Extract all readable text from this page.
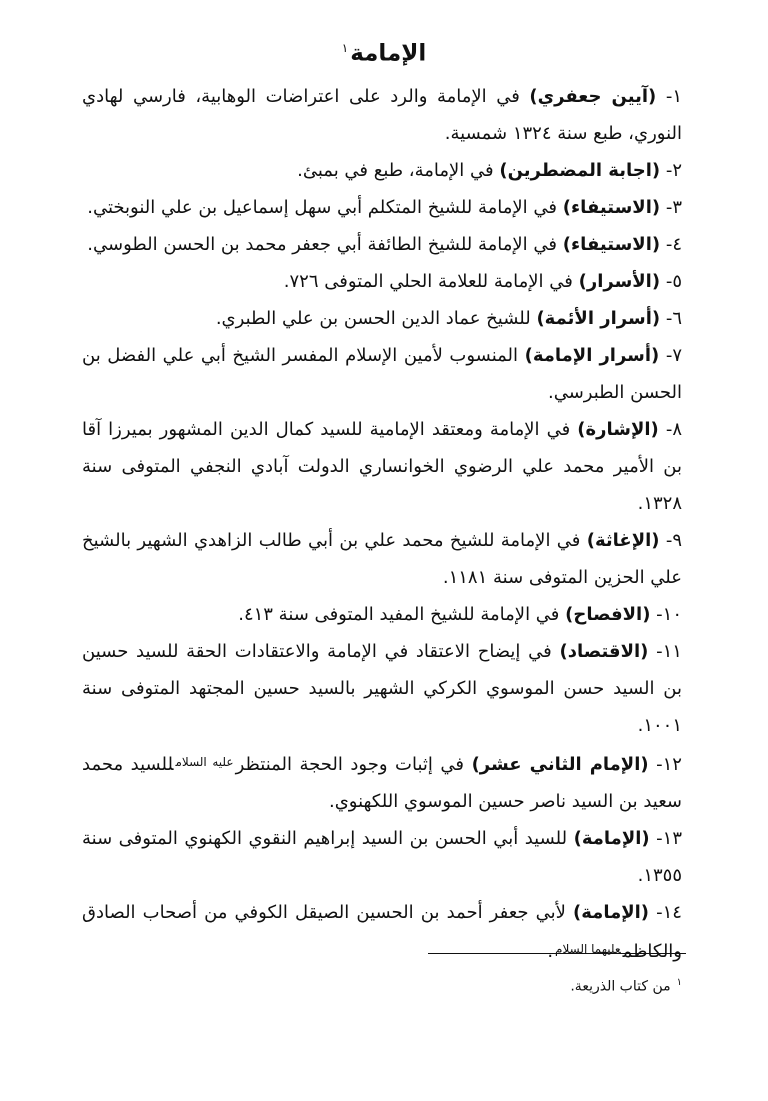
الإمامة$^١$
١- (آيين جعفري) في الإمامة والرد على اعتراضات الوهابية، فارسي لهادي النوري، طبع سنة ١٣٢٤ شمسية.
٢- (اجابة المضطرين) في الإمامة، طبع في بمبئ.
٣- (الاستيفاء) في الإمامة للشيخ المتكلم أبي سهل إسماعيل بن علي النوبختي.
٤- (الاستيفاء) في الإمامة للشيخ الطائفة أبي جعفر محمد بن الحسن الطوسي.
٥- (الأسرار) في الإمامة للعلامة الحلي المتوفى ٧٢٦.
٦- (أسرار الأئمة) للشيخ عماد الدين الحسن بن علي الطبري.
٧- (أسرار الإمامة) المنسوب لأمين الإسلام المفسر الشيخ أبي علي الفضل بن الحسن الطبرسي.
٨- (الإشارة) في الإمامة ومعتقد الإمامية للسيد كمال الدين المشهور بميرزا آقا بن الأمير محمد علي الرضوي الخوانساري الدولت آبادي النجفي المتوفى سنة ١٣٢٨.
٩- (الإغاثة) في الإمامة للشيخ محمد علي بن أبي طالب الزاهدي الشهير بالشيخ علي الحزين المتوفى سنة ١١٨١.
١٠- (الافصاح) في الإمامة للشيخ المفيد المتوفى سنة ٤١٣.
١١- (الاقتصاد) في إيضاح الاعتقاد في الإمامة والاعتقادات الحقة للسيد حسين بن السيد حسن الموسوي الكركي الشهير بالسيد حسين المجتهد المتوفى سنة ١٠٠١.
١٢- (الإمام الثاني عشر) في إثبات وجود الحجة المنتظر$^{عليه السلام}$للسيد محمد سعيد بن السيد ناصر حسين الموسوي اللكهنوي.
١٣- (الإمامة) للسيد أبي الحسن بن السيد إبراهيم النقوي الكهنوي المتوفى سنة ١٣٥٥.
١٤- (الإمامة) لأبي جعفر أحمد بن الحسين الصيقل الكوفي من أصحاب الصادق والكاظم$^{عليهما السلام}$.
$^١$من كتاب الذريعة.
